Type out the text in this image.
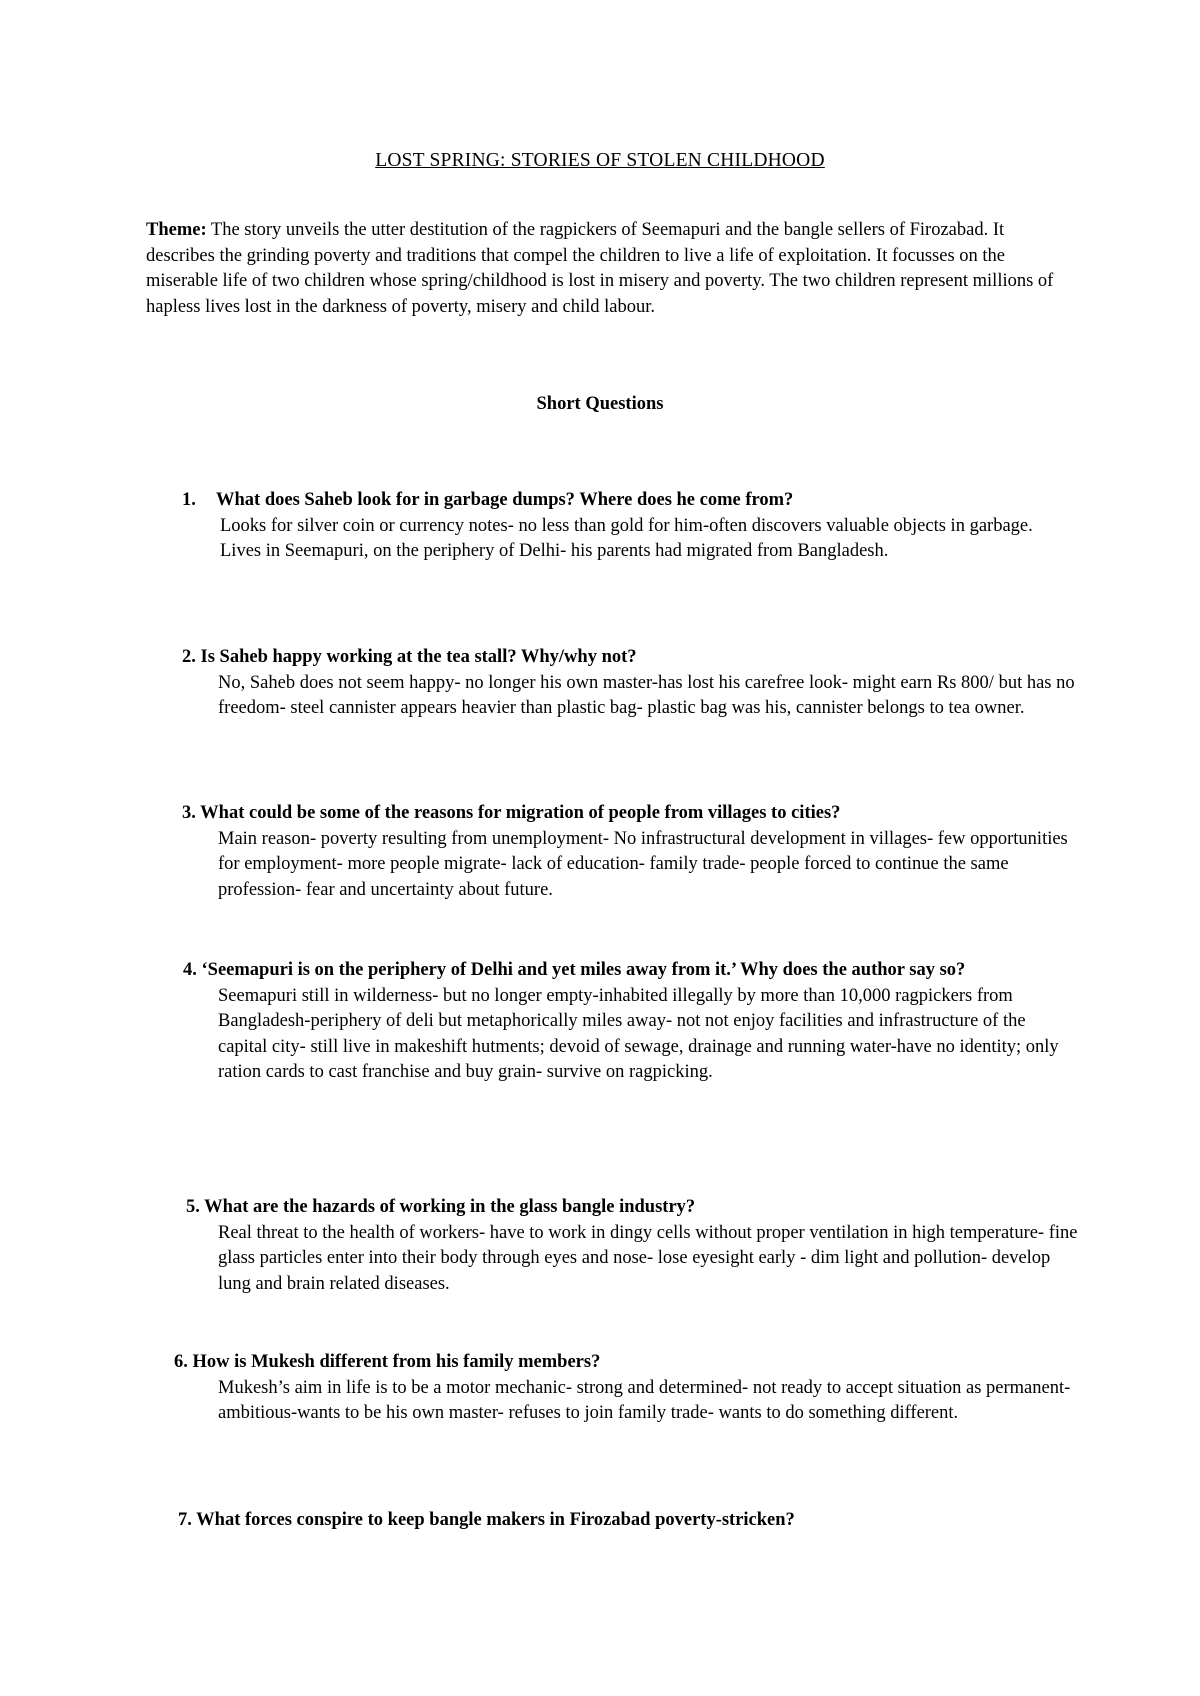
LOST SPRING: STORIES OF STOLEN CHILDHOOD

Theme: The story unveils the utter destitution of the ragpickers of Seemapuri and the bangle sellers of Firozabad. It describes the grinding poverty and traditions that compel the children to live a life of exploitation. It focusses on the miserable life of two children whose spring/childhood is lost in misery and poverty. The two children represent millions of hapless lives lost in the darkness of poverty, misery and child labour.

Short Questions

1. What does Saheb look for in garbage dumps? Where does he come from?

Looks for silver coin or currency notes- no less than gold for him-often discovers valuable objects in garbage.

Lives in Seemapuri, on the periphery of Delhi- his parents had migrated from Bangladesh.

2. Is Saheb happy working at the tea stall? Why/why not?

No, Saheb does not seem happy- no longer his own master-has lost his carefree look- might earn Rs 800/ but has no freedom- steel cannister appears heavier than plastic bag- plastic bag was his, cannister belongs to tea owner.

3. What could be some of the reasons for migration of people from villages to cities?

Main reason- poverty resulting from unemployment- No infrastructural development in villages- few opportunities for employment- more people migrate- lack of education- family trade- people forced to continue the same profession- fear and uncertainty about future.

4. ‘Seemapuri is on the periphery of Delhi and yet miles away from it.’ Why does the author say so?

Seemapuri still in wilderness- but no longer empty-inhabited illegally by more than 10,000 ragpickers from Bangladesh-periphery of deli but metaphorically miles away- not not enjoy facilities and infrastructure of the capital city- still live in makeshift hutments; devoid of sewage, drainage and running water-have no identity; only ration cards to cast franchise and buy grain- survive on ragpicking.

5. What are the hazards of working in the glass bangle industry?

Real threat to the health of workers- have to work in dingy cells without proper ventilation in high temperature- fine glass particles enter into their body through eyes and nose- lose eyesight early - dim light and pollution- develop lung and brain related diseases.

6. How is Mukesh different from his family members?

Mukesh’s aim in life is to be a motor mechanic- strong and determined- not ready to accept situation as permanent-ambitious-wants to be his own master- refuses to join family trade- wants to do something different.

7. What forces conspire to keep bangle makers in Firozabad poverty-stricken?
